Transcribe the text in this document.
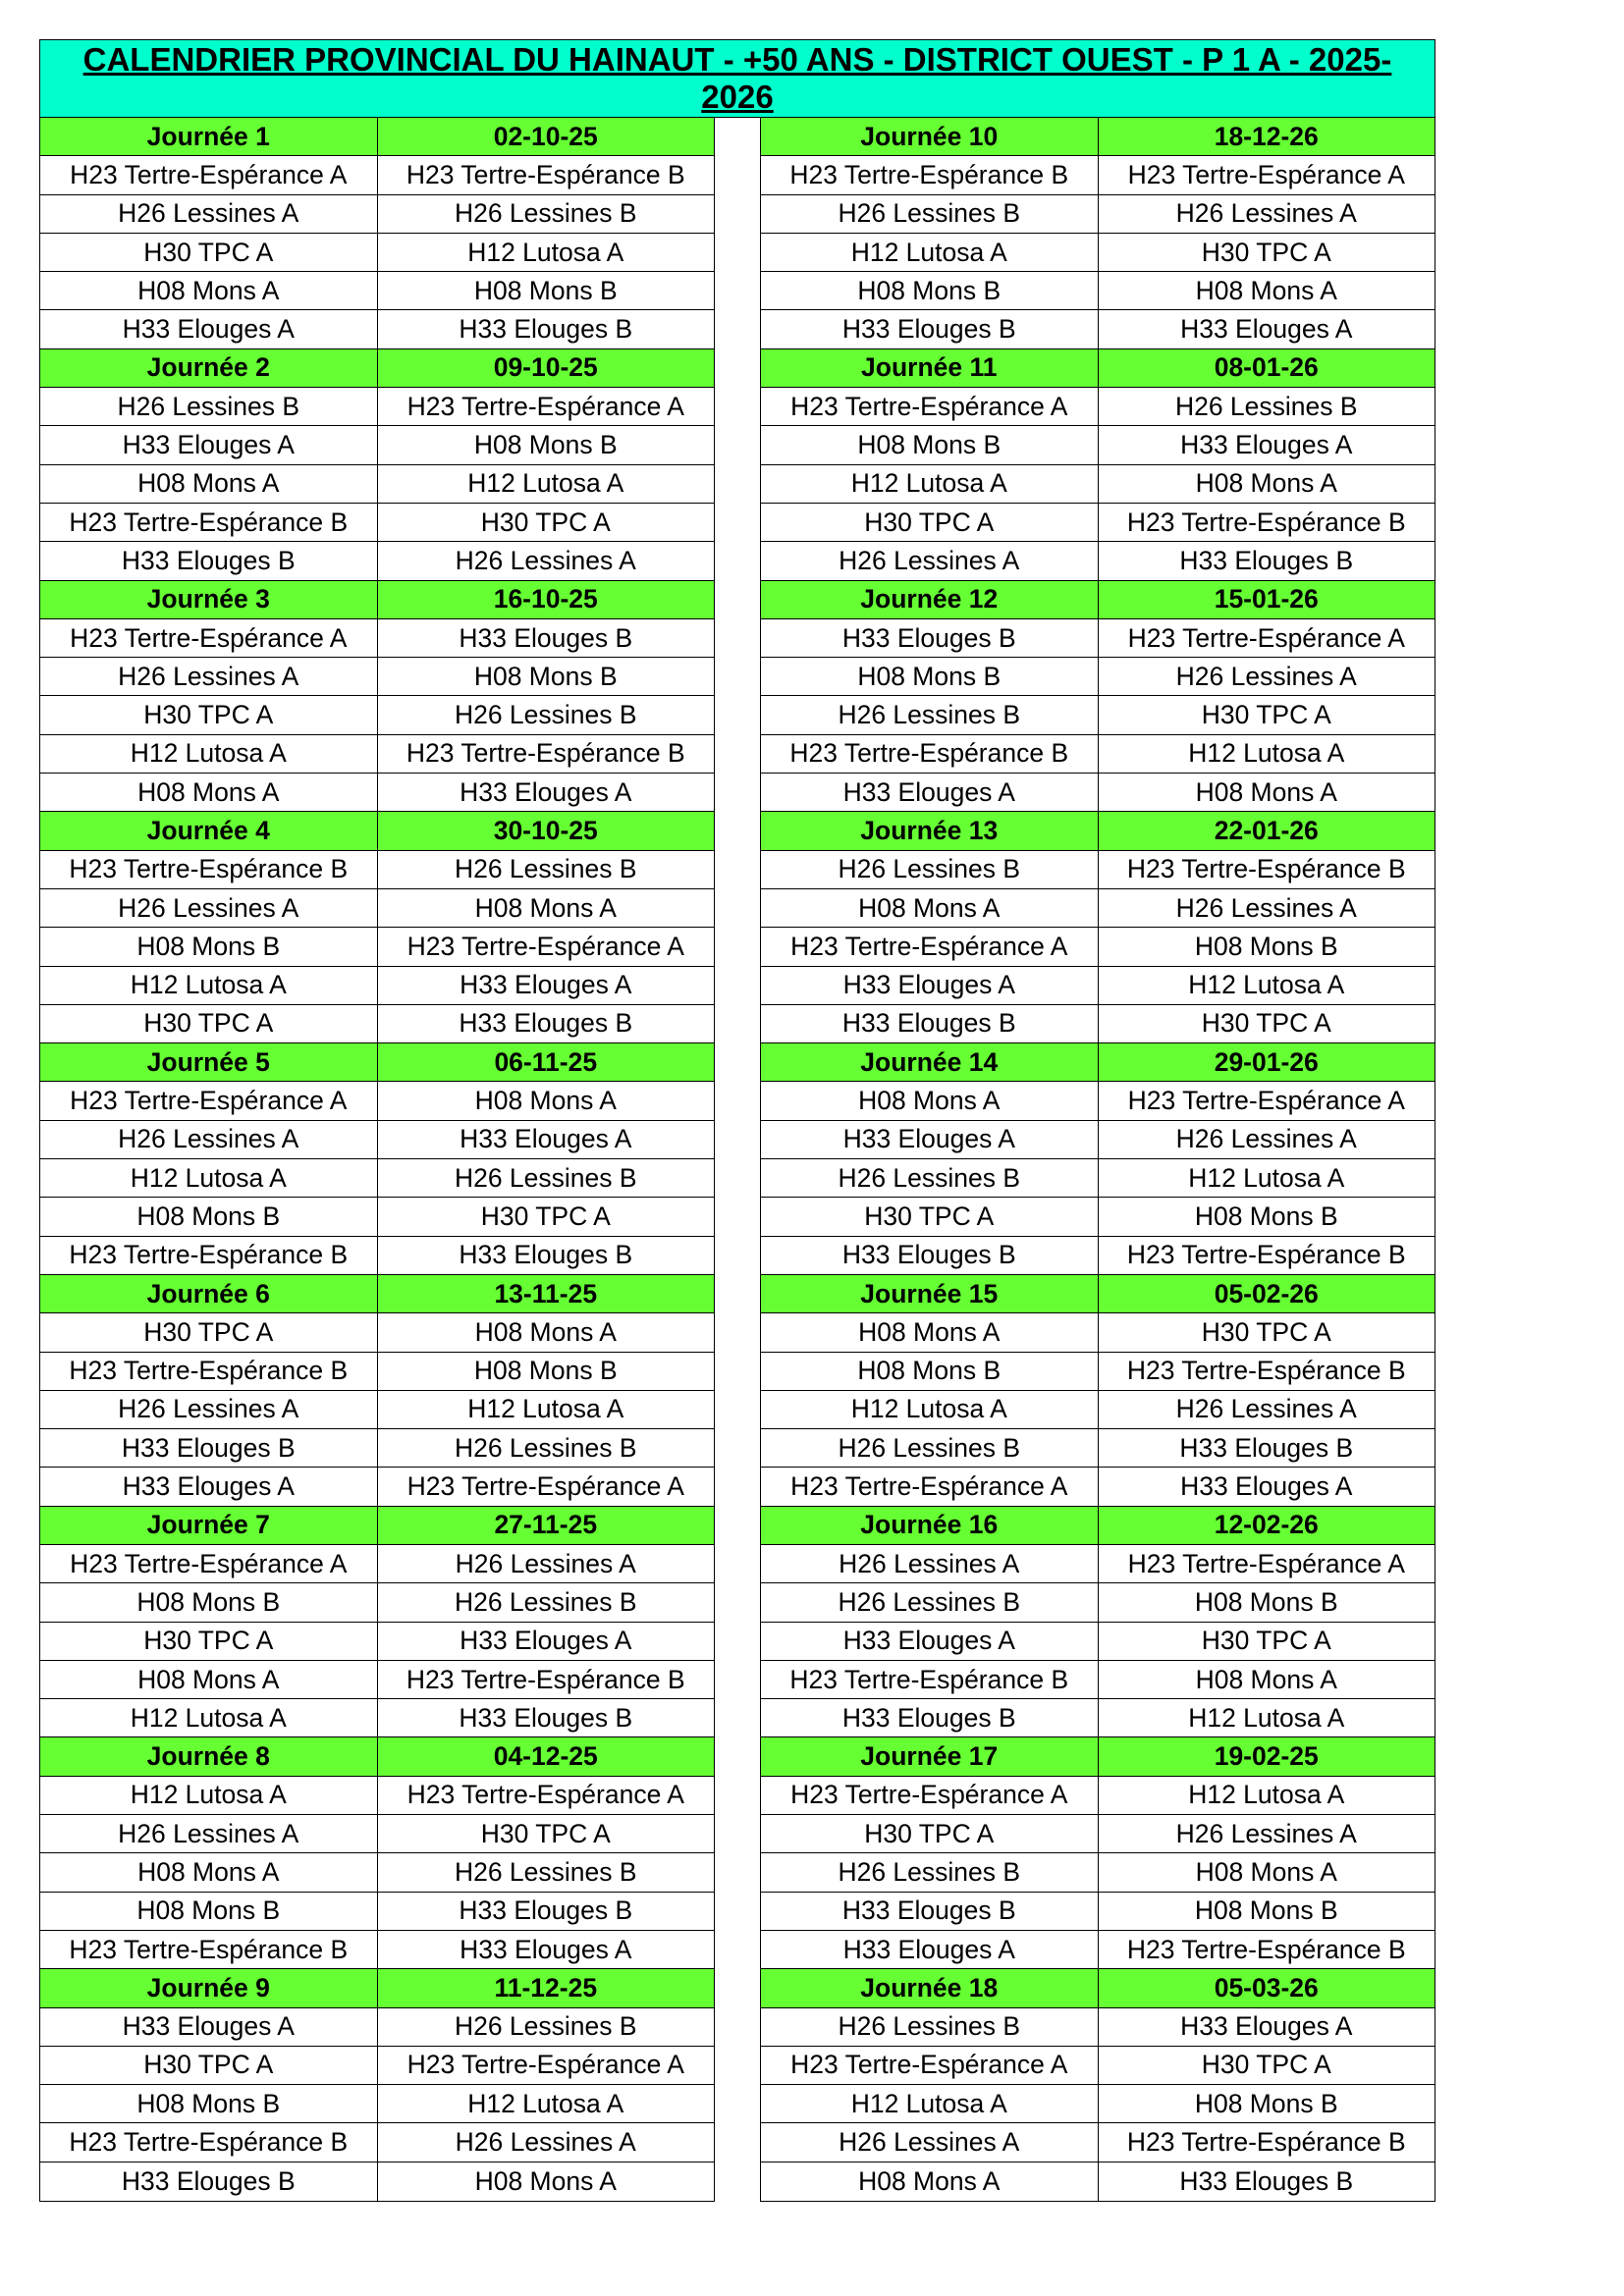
CALENDRIER PROVINCIAL DU HAINAUT - +50 ANS - DISTRICT OUEST - P 1 A - 2025-2026
Journée 1	02-10-25
H23 Tertre-Espérance A	H23 Tertre-Espérance B
H26 Lessines A	H26 Lessines B
H30 TPC A	H12 Lutosa A
H08 Mons A	H08 Mons B
H33 Elouges A	H33 Elouges B
Journée 2	09-10-25
H26 Lessines B	H23 Tertre-Espérance A
H33 Elouges A	H08 Mons B
H08 Mons A	H12 Lutosa A
H23 Tertre-Espérance B	H30 TPC A
H33 Elouges B	H26 Lessines A
Journée 3	16-10-25
H23 Tertre-Espérance A	H33 Elouges B
H26 Lessines A	H08 Mons B
H30 TPC A	H26 Lessines B
H12 Lutosa A	H23 Tertre-Espérance B
H08 Mons A	H33 Elouges A
Journée 4	30-10-25
H23 Tertre-Espérance B	H26 Lessines B
H26 Lessines A	H08 Mons A
H08 Mons B	H23 Tertre-Espérance A
H12 Lutosa A	H33 Elouges A
H30 TPC A	H33 Elouges B
Journée 5	06-11-25
H23 Tertre-Espérance A	H08 Mons A
H26 Lessines A	H33 Elouges A
H12 Lutosa A	H26 Lessines B
H08 Mons B	H30 TPC A
H23 Tertre-Espérance B	H33 Elouges B
Journée 6	13-11-25
H30 TPC A	H08 Mons A
H23 Tertre-Espérance B	H08 Mons B
H26 Lessines A	H12 Lutosa A
H33 Elouges B	H26 Lessines B
H33 Elouges A	H23 Tertre-Espérance A
Journée 7	27-11-25
H23 Tertre-Espérance A	H26 Lessines A
H08 Mons B	H26 Lessines B
H30 TPC A	H33 Elouges A
H08 Mons A	H23 Tertre-Espérance B
H12 Lutosa A	H33 Elouges B
Journée 8	04-12-25
H12 Lutosa A	H23 Tertre-Espérance A
H26 Lessines A	H30 TPC A
H08 Mons A	H26 Lessines B
H08 Mons B	H33 Elouges B
H23 Tertre-Espérance B	H33 Elouges A
Journée 9	11-12-25
H33 Elouges A	H26 Lessines B
H30 TPC A	H23 Tertre-Espérance A
H08 Mons B	H12 Lutosa A
H23 Tertre-Espérance B	H26 Lessines A
H33 Elouges B	H08 Mons A
Journée 10	18-12-26
H23 Tertre-Espérance B	H23 Tertre-Espérance A
H26 Lessines B	H26 Lessines A
H12 Lutosa A	H30 TPC A
H08 Mons B	H08 Mons A
H33 Elouges B	H33 Elouges A
Journée 11	08-01-26
H23 Tertre-Espérance A	H26 Lessines B
H08 Mons B	H33 Elouges A
H12 Lutosa A	H08 Mons A
H30 TPC A	H23 Tertre-Espérance B
H26 Lessines A	H33 Elouges B
Journée 12	15-01-26
H33 Elouges B	H23 Tertre-Espérance A
H08 Mons B	H26 Lessines A
H26 Lessines B	H30 TPC A
H23 Tertre-Espérance B	H12 Lutosa A
H33 Elouges A	H08 Mons A
Journée 13	22-01-26
H26 Lessines B	H23 Tertre-Espérance B
H08 Mons A	H26 Lessines A
H23 Tertre-Espérance A	H08 Mons B
H33 Elouges A	H12 Lutosa A
H33 Elouges B	H30 TPC A
Journée 14	29-01-26
H08 Mons A	H23 Tertre-Espérance A
H33 Elouges A	H26 Lessines A
H26 Lessines B	H12 Lutosa A
H30 TPC A	H08 Mons B
H33 Elouges B	H23 Tertre-Espérance B
Journée 15	05-02-26
H08 Mons A	H30 TPC A
H08 Mons B	H23 Tertre-Espérance B
H12 Lutosa A	H26 Lessines A
H26 Lessines B	H33 Elouges B
H23 Tertre-Espérance A	H33 Elouges A
Journée 16	12-02-26
H26 Lessines A	H23 Tertre-Espérance A
H26 Lessines B	H08 Mons B
H33 Elouges A	H30 TPC A
H23 Tertre-Espérance B	H08 Mons A
H33 Elouges B	H12 Lutosa A
Journée 17	19-02-25
H23 Tertre-Espérance A	H12 Lutosa A
H30 TPC A	H26 Lessines A
H26 Lessines B	H08 Mons A
H33 Elouges B	H08 Mons B
H33 Elouges A	H23 Tertre-Espérance B
Journée 18	05-03-26
H26 Lessines B	H33 Elouges A
H23 Tertre-Espérance A	H30 TPC A
H12 Lutosa A	H08 Mons B
H26 Lessines A	H23 Tertre-Espérance B
H08 Mons A	H33 Elouges B
